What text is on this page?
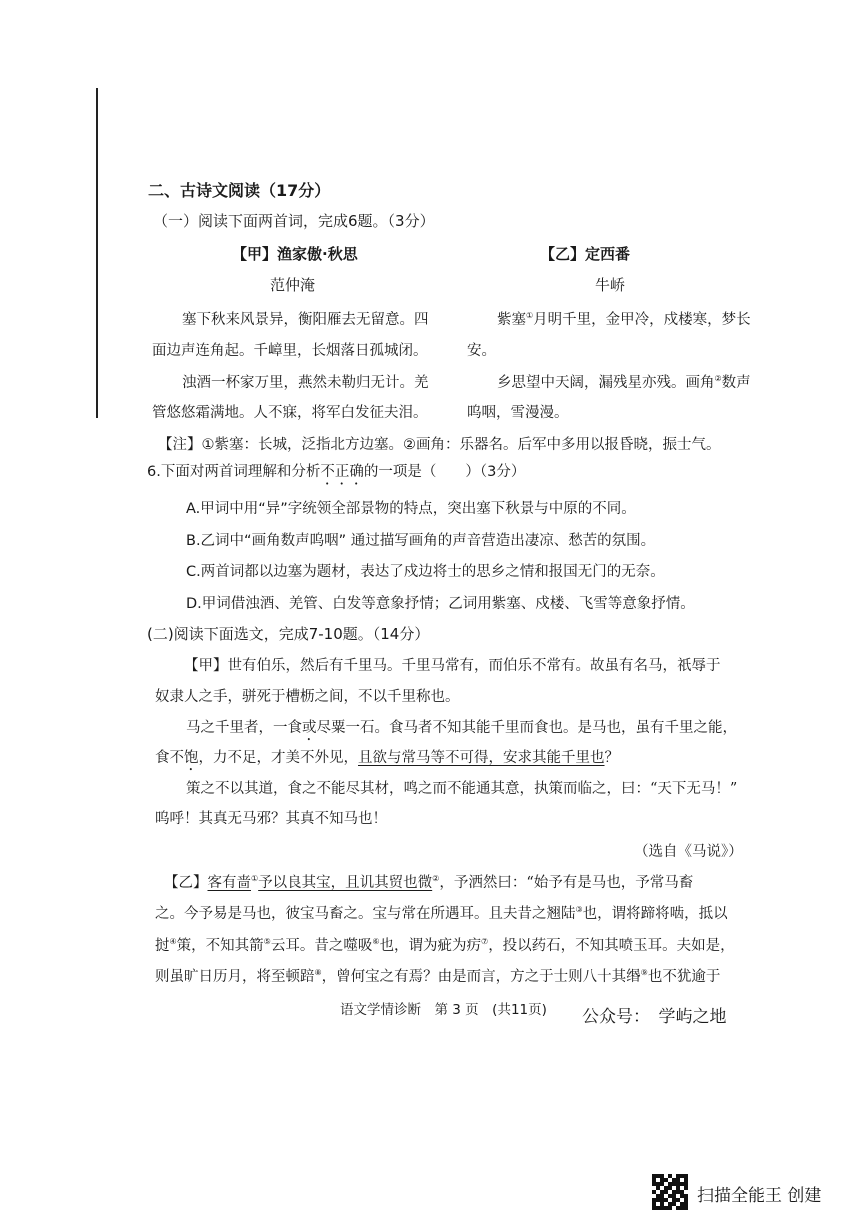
二、古诗文阅读（17分）
（一）阅读下面两首词，完成6题。（3分）
【甲】渔家傲·秋思
范仲淹
塞下秋来风景异，衡阳雁去无留意。四
面边声连角起。千嶂里，长烟落日孤城闭。
浊酒一杯家万里，燕然未勒归无计。羌
管悠悠霜满地。人不寐，将军白发征夫泪。
【乙】定西番
牛峤
紫塞①月明千里，金甲冷，戍楼寒，梦长
安。
乡思望中天阔，漏残星亦残。画角②数声
呜咽，雪漫漫。
【注】①紫塞：长城，泛指北方边塞。②画角：乐器名。后军中多用以报昏晓，振士气。
6.下面对两首词理解和分析不正确的一项是（　　）（3分）
A.甲词中用“异”字统领全部景物的特点，突出塞下秋景与中原的不同。
B.乙词中“画角数声呜咽” 通过描写画角的声音营造出凄凉、愁苦的氛围。
C.两首词都以边塞为题材，表达了戍边将士的思乡之情和报国无门的无奈。
D.甲词借浊酒、羌管、白发等意象抒情；乙词用紫塞、戍楼、飞雪等意象抒情。
(二)阅读下面选文，完成7-10题。（14分）
【甲】世有伯乐，然后有千里马。千里马常有，而伯乐不常有。故虽有名马，祇辱于
奴隶人之手，骈死于槽枥之间，不以千里称也。
马之千里者，一食或尽粟一石。食马者不知其能千里而食也。是马也，虽有千里之能，
食不饱，力不足，才美不外见，且欲与常马等不可得，安求其能千里也？
策之不以其道，食之不能尽其材，鸣之而不能通其意，执策而临之，曰：“天下无马！”
呜呼！其真无马邪？其真不知马也！
（选自《马说》）
【乙】客有啬①予以良其宝，且讥其贸也微②，予洒然曰：“始予有是马也，予常马畜
之。今予易是马也，彼宝马畜之。宝与常在所遇耳。且夫昔之翘陆③也，谓将蹄将啮，抵以
挝④策，不知其箭⑤云耳。昔之噬吸⑥也，谓为疵为疠⑦，投以药石，不知其喷玉耳。夫如是，
则虽旷日历月，将至顿踣⑧，曾何宝之有焉？由是而言，方之于士则八十其缗⑨也不犹逾于
语文学情诊断　第 3 页　(共11页) 公众号：　学屿之地
扫描全能王 创建
